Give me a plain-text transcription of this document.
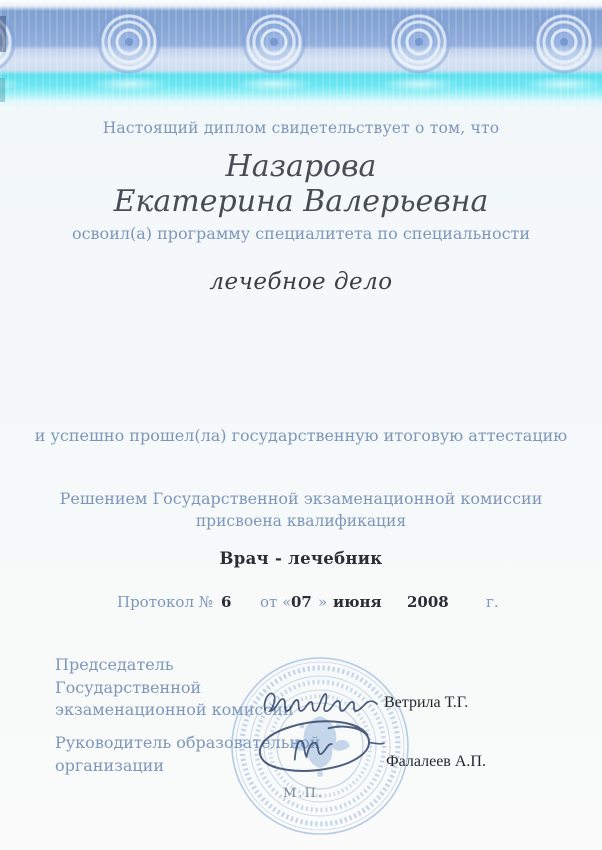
Настоящий диплом свидетельствует о том, что
Назарова
Екатерина Валерьевна
освоил(а) программу специалитета по специальности
лечебное дело
и успешно прошел(ла) государственную итоговую аттестацию
Решением Государственной экзаменационной комиссии
присвоена квалификация
Врач - лечебник
Протокол № 6 от « 07 » июня 2008 г.
Председатель
Государственной
экзаменационной комиссии
Руководитель образовательной
организации
Ветрила Т.Г.
Фалалеев А.П.
М.П.
